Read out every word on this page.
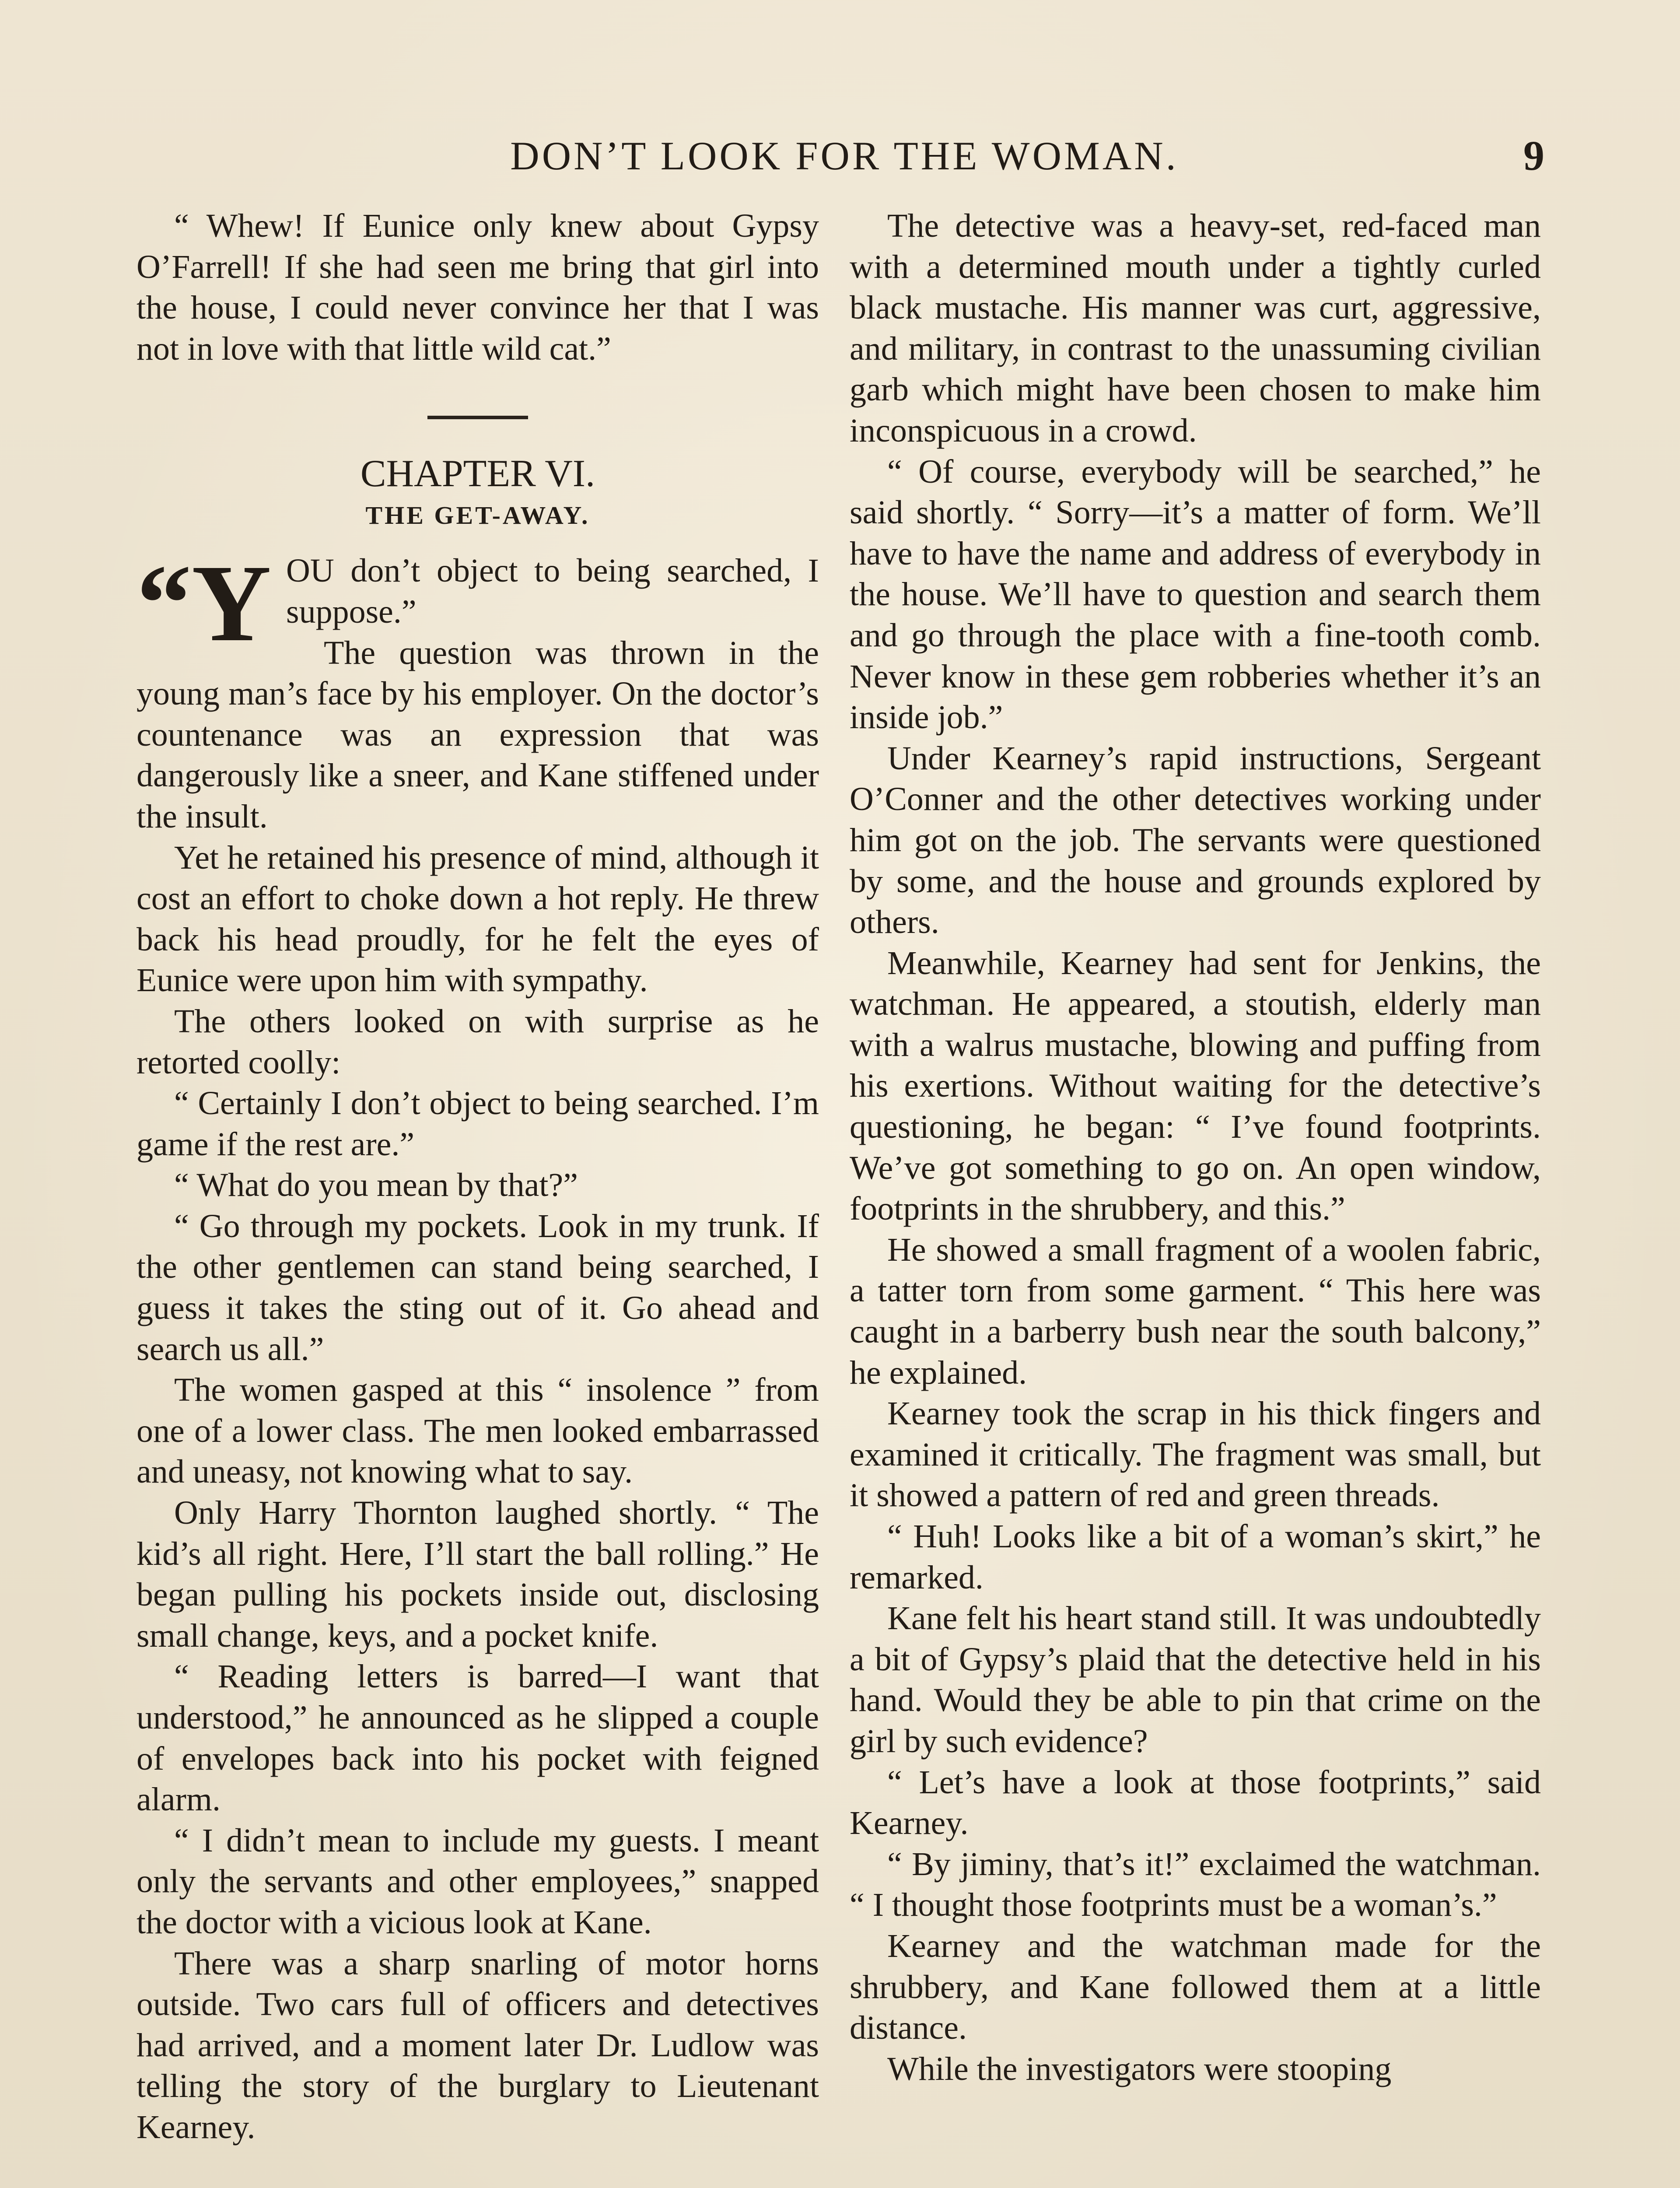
DON’T LOOK FOR THE WOMAN.	9

“ Whew! If Eunice only knew about Gypsy O’Farrell! If she had seen me bring that girl into the house, I could never convince her that I was not in love with that little wild cat.”

CHAPTER VI.

THE GET-AWAY.

“Y OU don’t object to being searched, I suppose.”

The question was thrown in the young man’s face by his employer. On the doctor’s countenance was an expression that was dangerously like a sneer, and Kane stiffened under the insult.

Yet he retained his presence of mind, although it cost an effort to choke down a hot reply. He threw back his head proudly, for he felt the eyes of Eunice were upon him with sympathy.

The others looked on with surprise as he retorted coolly:

“ Certainly I don’t object to being searched. I’m game if the rest are.”

“ What do you mean by that?”

“ Go through my pockets. Look in my trunk. If the other gentlemen can stand being searched, I guess it takes the sting out of it. Go ahead and search us all.”

The women gasped at this “ insolence ” from one of a lower class. The men looked embarrassed and uneasy, not knowing what to say.

Only Harry Thornton laughed shortly. “ The kid’s all right. Here, I’ll start the ball rolling.” He began pulling his pockets inside out, disclosing small change, keys, and a pocket knife.

“ Reading letters is barred—I want that understood,” he announced as he slipped a couple of envelopes back into his pocket with feigned alarm.

“ I didn’t mean to include my guests. I meant only the servants and other employees,” snapped the doctor with a vicious look at Kane.

There was a sharp snarling of motor horns outside. Two cars full of officers and detectives had arrived, and a moment later Dr. Ludlow was telling the story of the burglary to Lieutenant Kearney.

The detective was a heavy-set, red-faced man with a determined mouth under a tightly curled black mustache. His manner was curt, aggressive, and military, in contrast to the unassuming civilian garb which might have been chosen to make him inconspicuous in a crowd.

“ Of course, everybody will be searched,” he said shortly. “ Sorry—it’s a matter of form. We’ll have to have the name and address of everybody in the house. We’ll have to question and search them and go through the place with a fine-tooth comb. Never know in these gem robberies whether it’s an inside job.”

Under Kearney’s rapid instructions, Sergeant O’Conner and the other detectives working under him got on the job. The servants were questioned by some, and the house and grounds explored by others.

Meanwhile, Kearney had sent for Jenkins, the watchman. He appeared, a stoutish, elderly man with a walrus mustache, blowing and puffing from his exertions. Without waiting for the detective’s questioning, he began: “ I’ve found footprints. We’ve got something to go on. An open window, footprints in the shrubbery, and this.”

He showed a small fragment of a woolen fabric, a tatter torn from some garment. “ This here was caught in a barberry bush near the south balcony,” he explained.

Kearney took the scrap in his thick fingers and examined it critically. The fragment was small, but it showed a pattern of red and green threads.

“ Huh! Looks like a bit of a woman’s skirt,” he remarked.

Kane felt his heart stand still. It was undoubtedly a bit of Gypsy’s plaid that the detective held in his hand. Would they be able to pin that crime on the girl by such evidence?

“ Let’s have a look at those footprints,” said Kearney.

“ By jiminy, that’s it!” exclaimed the watchman. “ I thought those footprints must be a woman’s.”

Kearney and the watchman made for the shrubbery, and Kane followed them at a little distance.

While the investigators were stooping
